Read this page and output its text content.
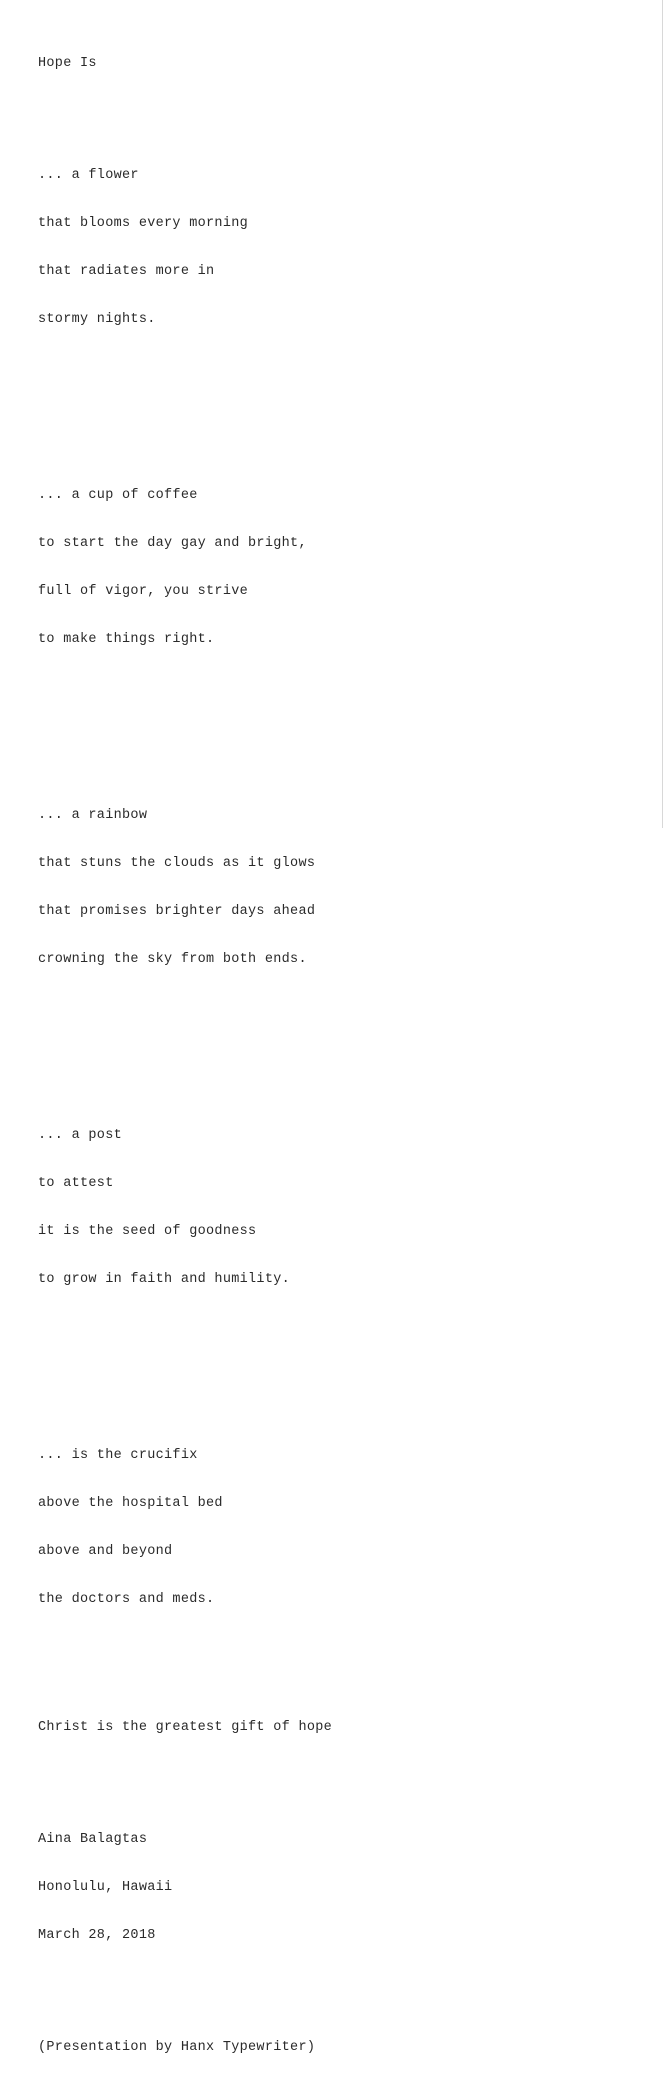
Hope Is

... a flower

that blooms every morning

that radiates more in

stormy nights.

... a cup of coffee

to start the day gay and bright,

full of vigor, you strive

to make things right.

... a rainbow

that stuns the clouds as it glows

that promises brighter days ahead

crowning the sky from both ends.

... a post

to attest

it is the seed of goodness

to grow in faith and humility.

... is the crucifix

above the hospital bed

above and beyond

the doctors and meds.

Christ is the greatest gift of hope

Aina Balagtas

Honolulu, Hawaii

March 28, 2018

(Presentation by Hanx Typewriter)
